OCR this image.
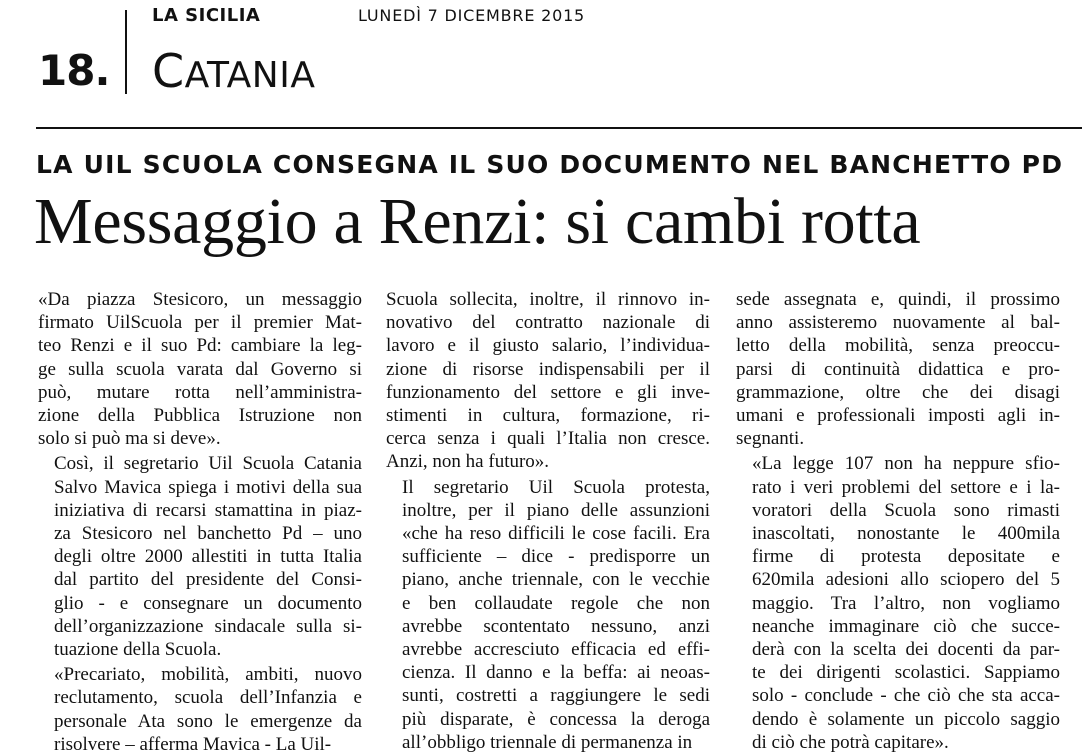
LA SICILIA	LUNEDÌ 7 DICEMBRE 2015
18. CATANIA
LA UIL SCUOLA CONSEGNA IL SUO DOCUMENTO NEL BANCHETTO PD
Messaggio a Renzi: si cambi rotta

«Da piazza Stesicoro, un messaggio
firmato UilScuola per il premier Mat-
teo Renzi e il suo Pd: cambiare la leg-
ge sulla scuola varata dal Governo si
può, mutare rotta nell’amministra-
zione della Pubblica Istruzione non
solo si può ma si deve».

Così, il segretario Uil Scuola Catania
Salvo Mavica spiega i motivi della sua
iniziativa di recarsi stamattina in piaz-
za Stesicoro nel banchetto Pd – uno
degli oltre 2000 allestiti in tutta Italia
dal partito del presidente del Consi-
glio - e consegnare un documento
dell’organizzazione sindacale sulla si-
tuazione della Scuola.

«Precariato, mobilità, ambiti, nuovo
reclutamento, scuola dell’Infanzia e
personale Ata sono le emergenze da
risolvere – afferma Mavica - La Uil-

Scuola sollecita, inoltre, il rinnovo in-
novativo del contratto nazionale di
lavoro e il giusto salario, l’individua-
zione di risorse indispensabili per il
funzionamento del settore e gli inve-
stimenti in cultura, formazione, ri-
cerca senza i quali l’Italia non cresce.
Anzi, non ha futuro».

Il segretario Uil Scuola protesta,
inoltre, per il piano delle assunzioni
«che ha reso difficili le cose facili. Era
sufficiente – dice - predisporre un
piano, anche triennale, con le vecchie
e ben collaudate regole che non
avrebbe scontentato nessuno, anzi
avrebbe accresciuto efficacia ed effi-
cienza. Il danno e la beffa: ai neoas-
sunti, costretti a raggiungere le sedi
più disparate, è concessa la deroga
all’obbligo triennale di permanenza in

sede assegnata e, quindi, il prossimo
anno assisteremo nuovamente al bal-
letto della mobilità, senza preoccu-
parsi di continuità didattica e pro-
grammazione, oltre che dei disagi
umani e professionali imposti agli in-
segnanti.

«La legge 107 non ha neppure sfio-
rato i veri problemi del settore e i la-
voratori della Scuola sono rimasti
inascoltati, nonostante le 400mila
firme di protesta depositate e
620mila adesioni allo sciopero del 5
maggio. Tra l’altro, non vogliamo
neanche immaginare ciò che succe-
derà con la scelta dei docenti da par-
te dei dirigenti scolastici. Sappiamo
solo - conclude - che ciò che sta acca-
dendo è solamente un piccolo saggio
di ciò che potrà capitare».
